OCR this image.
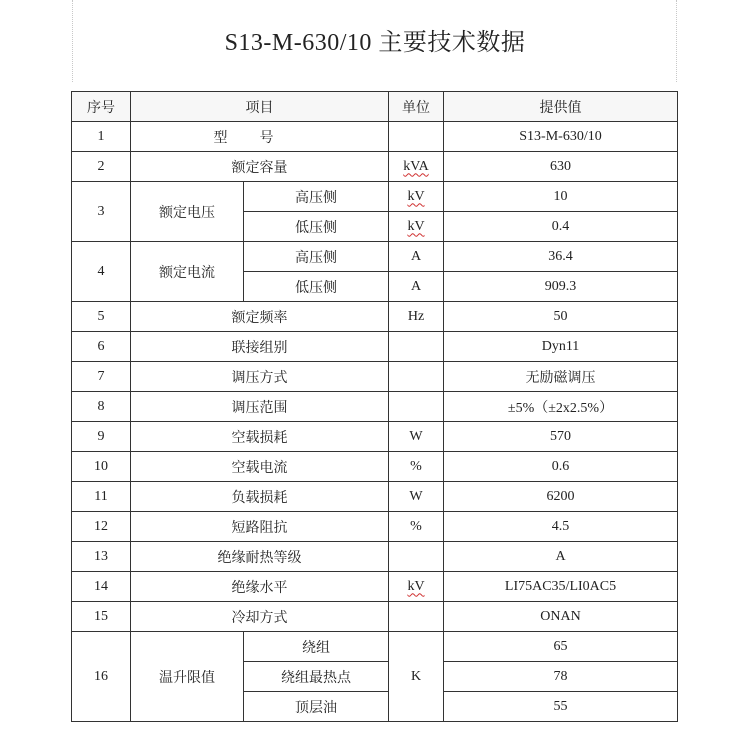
S13-M-630/10 主要技术数据
序号	项目		单位	提供值
1	型号			S13-M-630/10
2	额定容量		kVA	630
3	额定电压	高压侧	kV	10
		低压侧	kV	0.4
4	额定电流	高压侧	A	36.4
		低压侧	A	909.3
5	额定频率		Hz	50
6	联接组别			Dyn11
7	调压方式			无励磁调压
8	调压范围			±5%（±2x2.5%）
9	空载损耗		W	570
10	空载电流		%	0.6
11	负载损耗		W	6200
12	短路阻抗		%	4.5
13	绝缘耐热等级			A
14	绝缘水平		kV	LI75AC35/LI0AC5
15	冷却方式			ONAN
16	温升限值	绕组	K	65
		绕组最热点		78
		顶层油		55
